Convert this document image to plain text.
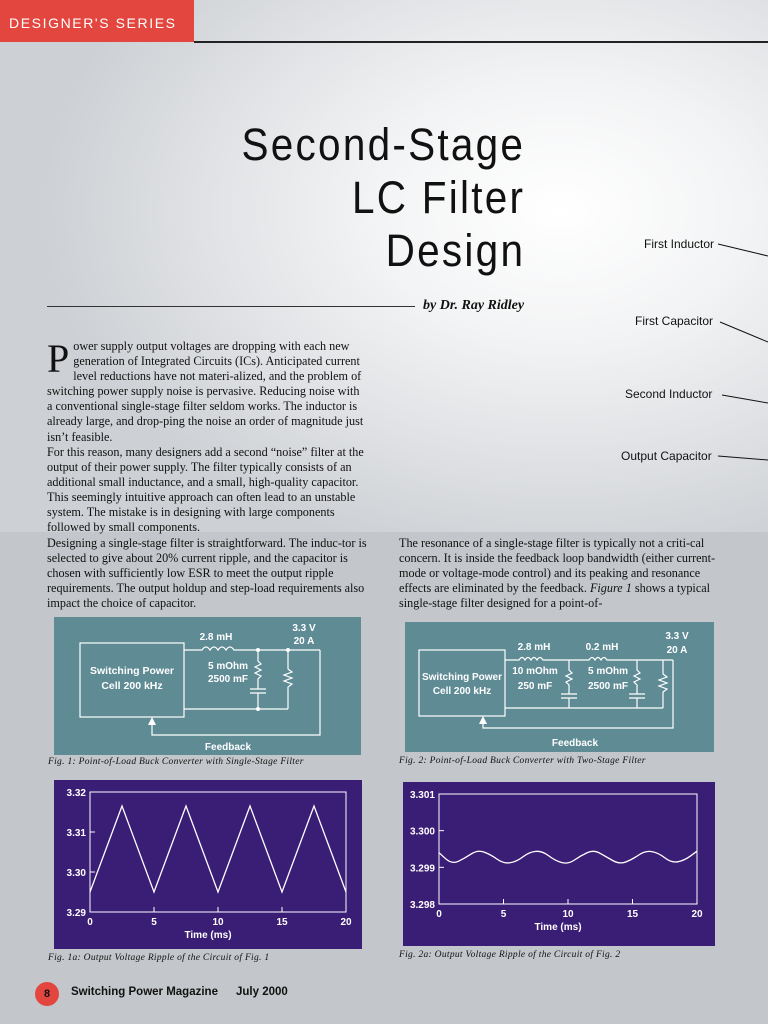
DESIGNER'S SERIES
Second-Stage
LC Filter
Design
by Dr. Ray Ridley
First Inductor
First Capacitor
Second Inductor
Output Capacitor
P ower supply output voltages are dropping with each new generation of Integrated Circuits (ICs). Anticipated current level reductions have not materi-alized, and the problem of switching power supply noise is pervasive. Reducing noise with a conventional single-stage filter seldom works. The inductor is already large, and drop-ping the noise an order of magnitude just isn’t feasible.
For this reason, many designers add a second “noise” filter at the output of their power supply. The filter typically consists of an additional small inductance, and a small, high-quality capacitor. This seemingly intuitive approach can often lead to an unstable system. The mistake is in designing with large components followed by small components.
Designing a single-stage filter is straightforward. The induc-tor is selected to give about 20% current ripple, and the capacitor is chosen with sufficiently low ESR to meet the output ripple requirements. The output holdup and step-load requirements also impact the choice of capacitor.
The resonance of a single-stage filter is typically not a criti-cal concern. It is inside the feedback loop bandwidth (either current-mode or voltage-mode control) and its peaking and resonance effects are eliminated by the feedback. Figure 1 shows a typical single-stage filter designed for a point-of-
Switching Power
Cell 200 kHz
2.8 mH
5 mOhm
2500 mF
3.3 V
20 A
Feedback
Fig. 1: Point-of-Load Buck Converter with Single-Stage Filter
Switching Power
Cell 200 kHz
2.8 mH	0.2 mH
10 mOhm
250 mF
5 mOhm
2500 mF
3.3 V
20 A
Feedback
Fig. 2: Point-of-Load Buck Converter with Two-Stage Filter
0	5	10	15	20
3.29
3.30
3.31
3.32
Time (ms)
Fig. 1a: Output Voltage Ripple of the Circuit of Fig. 1
0	5	10	15	20
3.298
3.299
3.300
3.301
Time (ms)
Fig. 2a: Output Voltage Ripple of the Circuit of Fig. 2
8	Switching Power Magazine July 2000
